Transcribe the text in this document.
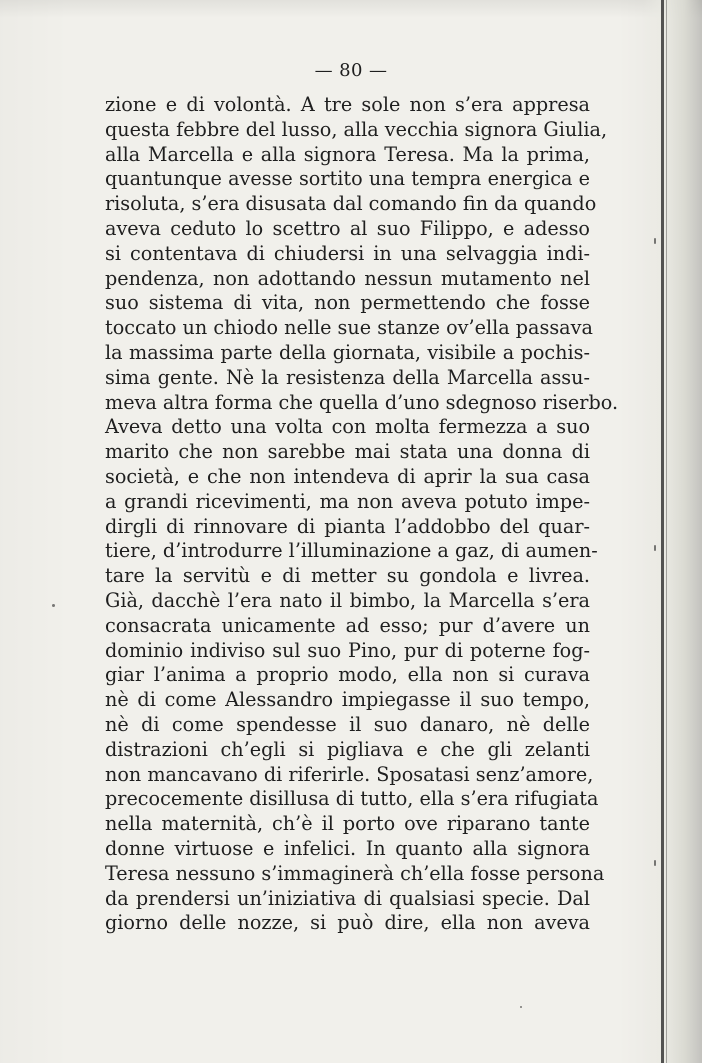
— 80 —
zione e di volontà. A tre sole non s’era appresa
questa febbre del lusso, alla vecchia signora Giulia,
alla Marcella e alla signora Teresa. Ma la prima,
quantunque avesse sortito una tempra energica e
risoluta, s’era disusata dal comando fin da quando
aveva ceduto lo scettro al suo Filippo, e adesso
si contentava di chiudersi in una selvaggia indi-
pendenza, non adottando nessun mutamento nel
suo sistema di vita, non permettendo che fosse
toccato un chiodo nelle sue stanze ov’ella passava
la massima parte della giornata, visibile a pochis-
sima gente. Nè la resistenza della Marcella assu-
meva altra forma che quella d’uno sdegnoso riserbo.
Aveva detto una volta con molta fermezza a suo
marito che non sarebbe mai stata una donna di
società, e che non intendeva di aprir la sua casa
a grandi ricevimenti, ma non aveva potuto impe-
dirgli di rinnovare di pianta l’addobbo del quar-
tiere, d’introdurre l’illuminazione a gaz, di aumen-
tare la servitù e di metter su gondola e livrea.
Già, dacchè l’era nato il bimbo, la Marcella s’era
consacrata unicamente ad esso; pur d’avere un
dominio indiviso sul suo Pino, pur di poterne fog-
giar l’anima a proprio modo, ella non si curava
nè di come Alessandro impiegasse il suo tempo,
nè di come spendesse il suo danaro, nè delle
distrazioni ch’egli si pigliava e che gli zelanti
non mancavano di riferirle. Sposatasi senz’amore,
precocemente disillusa di tutto, ella s’era rifugiata
nella maternità, ch’è il porto ove riparano tante
donne virtuose e infelici. In quanto alla signora
Teresa nessuno s’immaginerà ch’ella fosse persona
da prendersi un’iniziativa di qualsiasi specie. Dal
giorno delle nozze, si può dire, ella non aveva
